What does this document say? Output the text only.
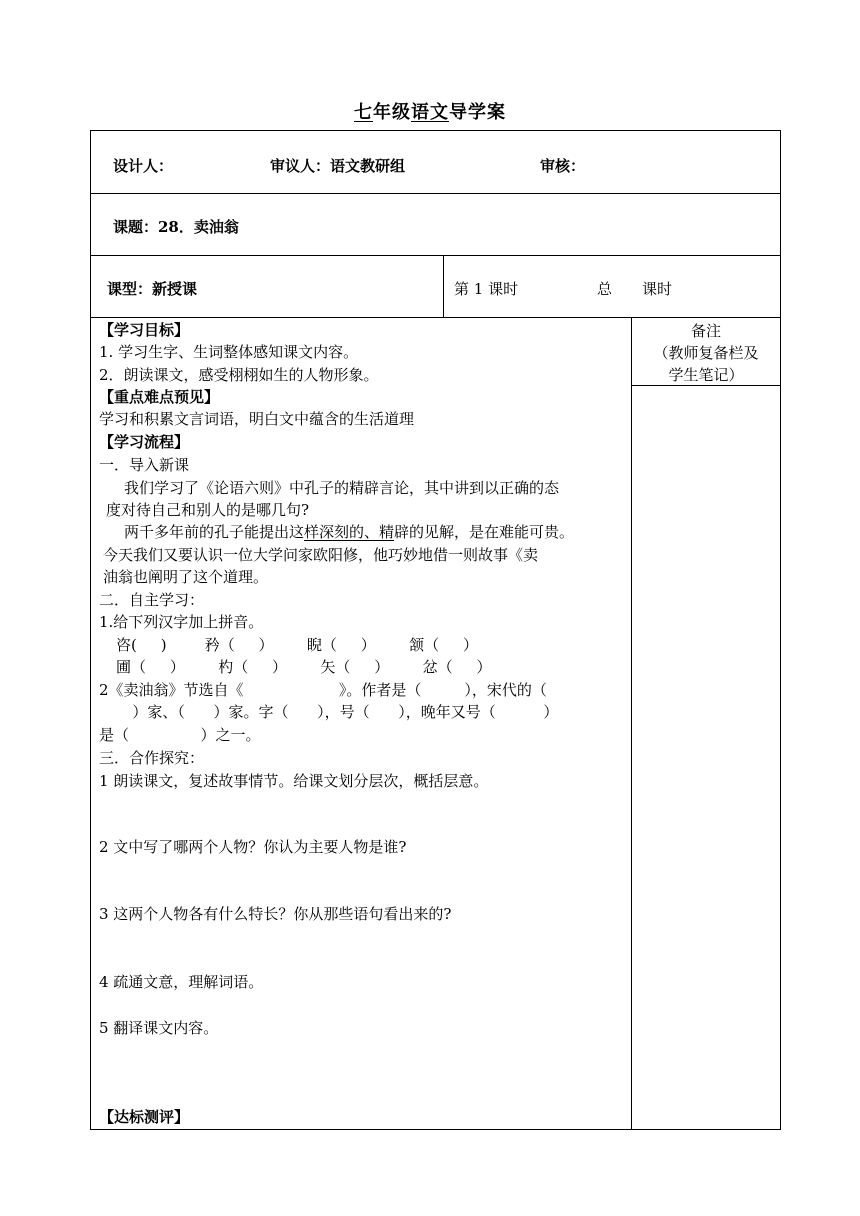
七年级语文导学案
设计人：	审议人：语文教研组	审核：
课题：28．卖油翁
课型：新授课	第 1 课时	总 课时
备注
（教师复备栏及
学生笔记）
【学习目标】
1. 学习生字、生词整体感知课文内容。
2．朗读课文，感受栩栩如生的人物形象。
【重点难点预见】
学习和积累文言词语，明白文中蕴含的生活道理
【学习流程】
一．导入新课
我们学习了《论语六则》中孔子的精辟言论，其中讲到以正确的态
度对待自己和别人的是哪几句?
两千多年前的孔子能提出这样深刻的、精辟的见解，是在难能可贵。
今天我们又要认识一位大学问家欧阳修，他巧妙地借一则故事《卖
油翁也阐明了这个道理。
二．自主学习：
1.给下列汉字加上拼音。
咨(     )        矜（     ）       睨（     ）       颔（     ）
圃（     ）       杓（     ）       矢（     ）       忿（     ）
2《卖油翁》节选自《                    》。作者是（         ），宋代的（
）家、（      ）家。字（      ），号（      ），晚年又号（          ）
是（               ）之一。
三．合作探究：
1 朗读课文，复述故事情节。给课文划分层次，概括层意。
2 文中写了哪两个人物？你认为主要人物是谁?
3 这两个人物各有什么特长？你从那些语句看出来的?
4 疏通文意，理解词语。
5 翻译课文内容。
【达标测评】
